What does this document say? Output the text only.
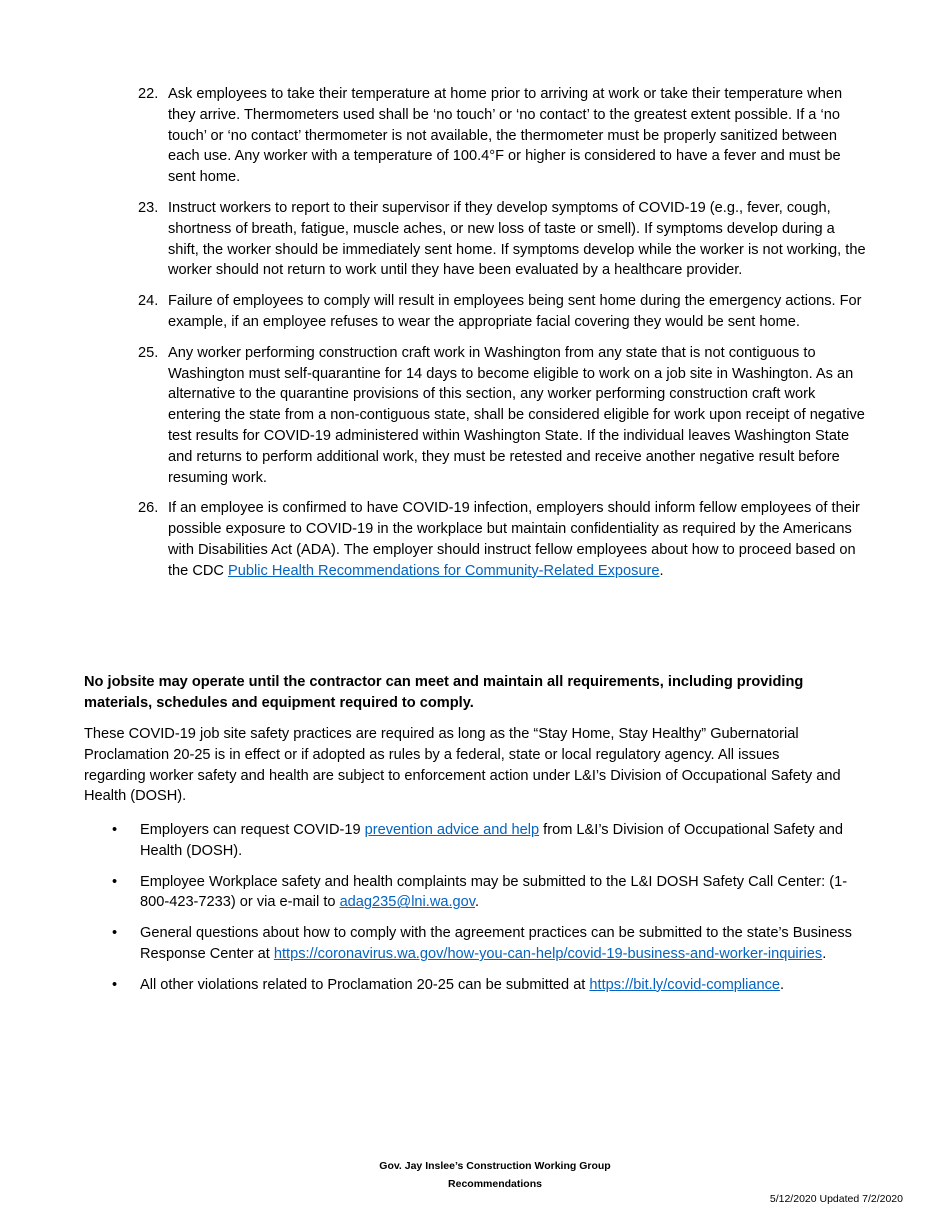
22. Ask employees to take their temperature at home prior to arriving at work or take their temperature when they arrive. Thermometers used shall be ‘no touch’ or ‘no contact’ to the greatest extent possible. If a ‘no touch’ or ‘no contact’ thermometer is not available, the thermometer must be properly sanitized between each use. Any worker with a temperature of 100.4°F or higher is considered to have a fever and must be sent home.
23. Instruct workers to report to their supervisor if they develop symptoms of COVID-19 (e.g., fever, cough, shortness of breath, fatigue, muscle aches, or new loss of taste or smell). If symptoms develop during a shift, the worker should be immediately sent home. If symptoms develop while the worker is not working, the worker should not return to work until they have been evaluated by a healthcare provider.
24. Failure of employees to comply will result in employees being sent home during the emergency actions. For example, if an employee refuses to wear the appropriate facial covering they would be sent home.
25. Any worker performing construction craft work in Washington from any state that is not contiguous to Washington must self-quarantine for 14 days to become eligible to work on a job site in Washington. As an alternative to the quarantine provisions of this section, any worker performing construction craft work entering the state from a non-contiguous state, shall be considered eligible for work upon receipt of negative test results for COVID-19 administered within Washington State. If the individual leaves Washington State and returns to perform additional work, they must be retested and receive another negative result before resuming work.
26. If an employee is confirmed to have COVID-19 infection, employers should inform fellow employees of their possible exposure to COVID-19 in the workplace but maintain confidentiality as required by the Americans with Disabilities Act (ADA). The employer should instruct fellow employees about how to proceed based on the CDC Public Health Recommendations for Community-Related Exposure.

No jobsite may operate until the contractor can meet and maintain all requirements, including providing materials, schedules and equipment required to comply.

These COVID-19 job site safety practices are required as long as the “Stay Home, Stay Healthy” Gubernatorial Proclamation 20-25 is in effect or if adopted as rules by a federal, state or local regulatory agency. All issues regarding worker safety and health are subject to enforcement action under L&I’s Division of Occupational Safety and Health (DOSH).

• Employers can request COVID-19 prevention advice and help from L&I’s Division of Occupational Safety and Health (DOSH).
• Employee Workplace safety and health complaints may be submitted to the L&I DOSH Safety Call Center: (1-800-423-7233) or via e-mail to adag235@lni.wa.gov.
• General questions about how to comply with the agreement practices can be submitted to the state’s Business Response Center at https://coronavirus.wa.gov/how-you-can-help/covid-19-business-and-worker-inquiries.
• All other violations related to Proclamation 20-25 can be submitted at https://bit.ly/covid-compliance.
Gov. Jay Inslee’s Construction Working Group
Recommendations
5/12/2020 Updated 7/2/2020
